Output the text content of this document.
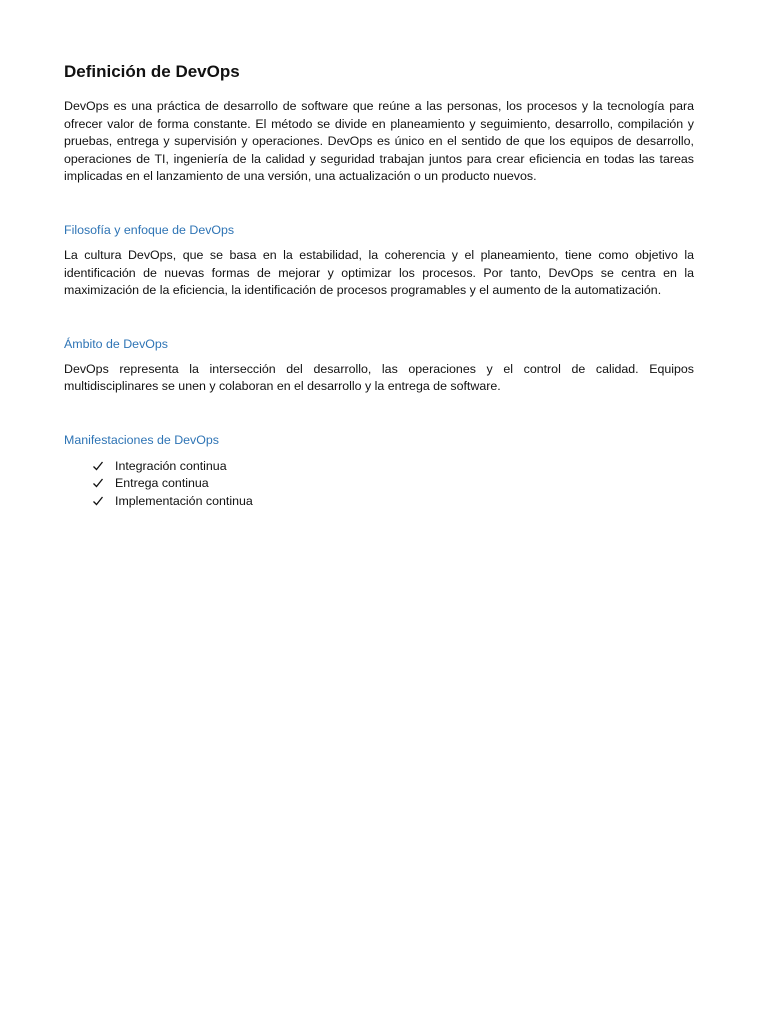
Definición de DevOps

DevOps es una práctica de desarrollo de software que reúne a las personas, los procesos y la tecnología para ofrecer valor de forma constante. El método se divide en planeamiento y seguimiento, desarrollo, compilación y pruebas, entrega y supervisión y operaciones. DevOps es único en el sentido de que los equipos de desarrollo, operaciones de TI, ingeniería de la calidad y seguridad trabajan juntos para crear eficiencia en todas las tareas implicadas en el lanzamiento de una versión, una actualización o un producto nuevos.

Filosofía y enfoque de DevOps

La cultura DevOps, que se basa en la estabilidad, la coherencia y el planeamiento, tiene como objetivo la identificación de nuevas formas de mejorar y optimizar los procesos. Por tanto, DevOps se centra en la maximización de la eficiencia, la identificación de procesos programables y el aumento de la automatización.

Ámbito de DevOps

DevOps representa la intersección del desarrollo, las operaciones y el control de calidad. Equipos multidisciplinares se unen y colaboran en el desarrollo y la entrega de software.

Manifestaciones de DevOps
Integración continua
Entrega continua
Implementación continua
